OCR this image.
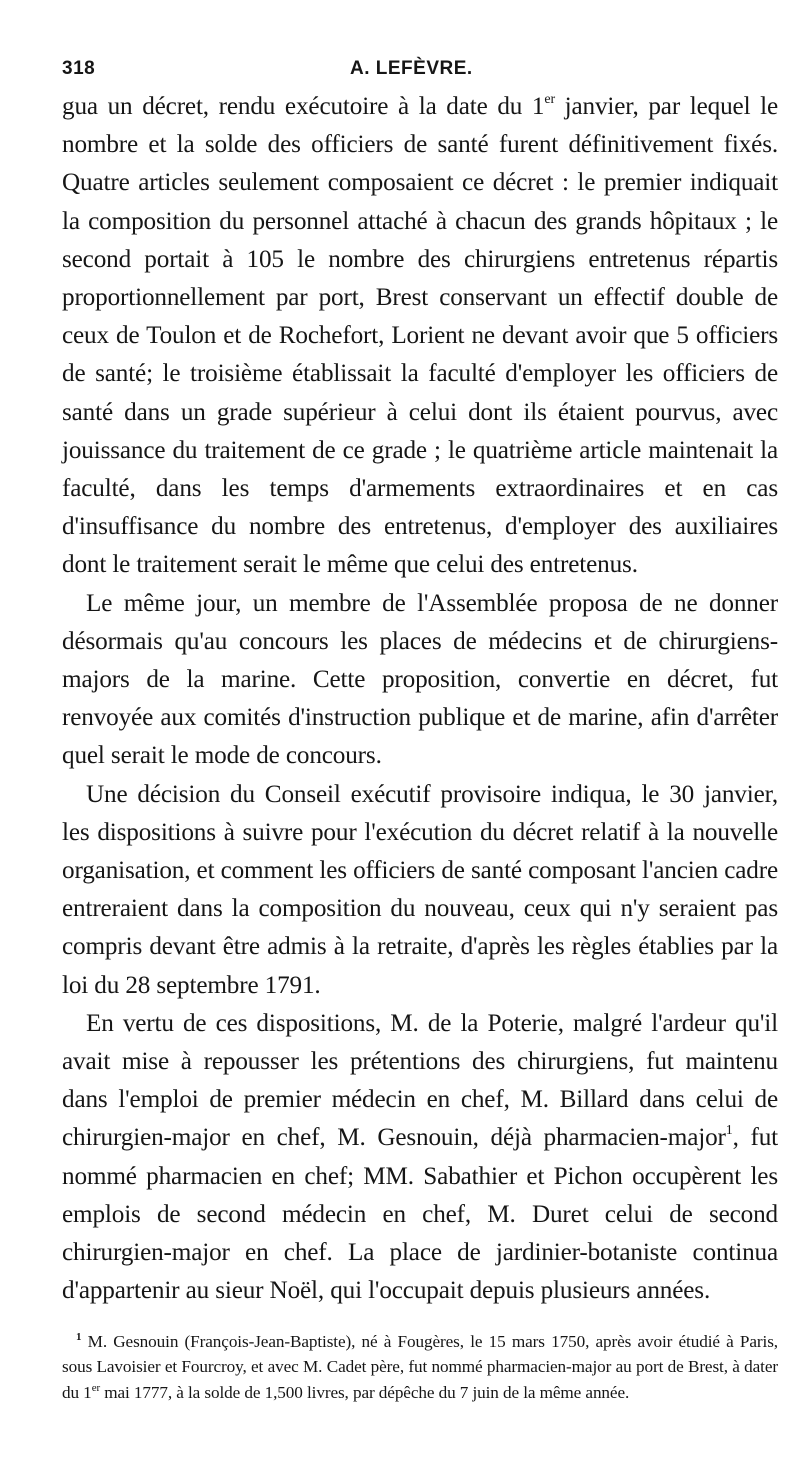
318	A. LEFÈVRE.

gua un décret, rendu exécutoire à la date du 1er janvier, par lequel le nombre et la solde des officiers de santé furent définitivement fixés. Quatre articles seulement composaient ce décret : le premier indiquait la composition du personnel attaché à chacun des grands hôpitaux ; le second portait à 105 le nombre des chirurgiens entretenus répartis proportionnellement par port, Brest conservant un effectif double de ceux de Toulon et de Rochefort, Lorient ne devant avoir que 5 officiers de santé; le troisième établissait la faculté d'employer les officiers de santé dans un grade supérieur à celui dont ils étaient pourvus, avec jouissance du traitement de ce grade ; le quatrième article maintenait la faculté, dans les temps d'armements extraordinaires et en cas d'insuffisance du nombre des entretenus, d'employer des auxiliaires dont le traitement serait le même que celui des entretenus.

Le même jour, un membre de l'Assemblée proposa de ne donner désormais qu'au concours les places de médecins et de chirurgiens-majors de la marine. Cette proposition, convertie en décret, fut renvoyée aux comités d'instruction publique et de marine, afin d'arrêter quel serait le mode de concours.

Une décision du Conseil exécutif provisoire indiqua, le 30 janvier, les dispositions à suivre pour l'exécution du décret relatif à la nouvelle organisation, et comment les officiers de santé composant l'ancien cadre entreraient dans la composition du nouveau, ceux qui n'y seraient pas compris devant être admis à la retraite, d'après les règles établies par la loi du 28 septembre 1791.

En vertu de ces dispositions, M. de la Poterie, malgré l'ardeur qu'il avait mise à repousser les prétentions des chirurgiens, fut maintenu dans l'emploi de premier médecin en chef, M. Billard dans celui de chirurgien-major en chef, M. Gesnouin, déjà pharmacien-major$^1$, fut nommé pharmacien en chef; MM. Sabathier et Pichon occupèrent les emplois de second médecin en chef, M. Duret celui de second chirurgien-major en chef. La place de jardinier-botaniste continua d'appartenir au sieur Noël, qui l'occupait depuis plusieurs années.

$^1$ M. Gesnouin (François-Jean-Baptiste), né à Fougères, le 15 mars 1750, après avoir étudié à Paris, sous Lavoisier et Fourcroy, et avec M. Cadet père, fut nommé pharmacien-major au port de Brest, à dater du 1er mai 1777, à la solde de 1,500 livres, par dépêche du 7 juin de la même année.
